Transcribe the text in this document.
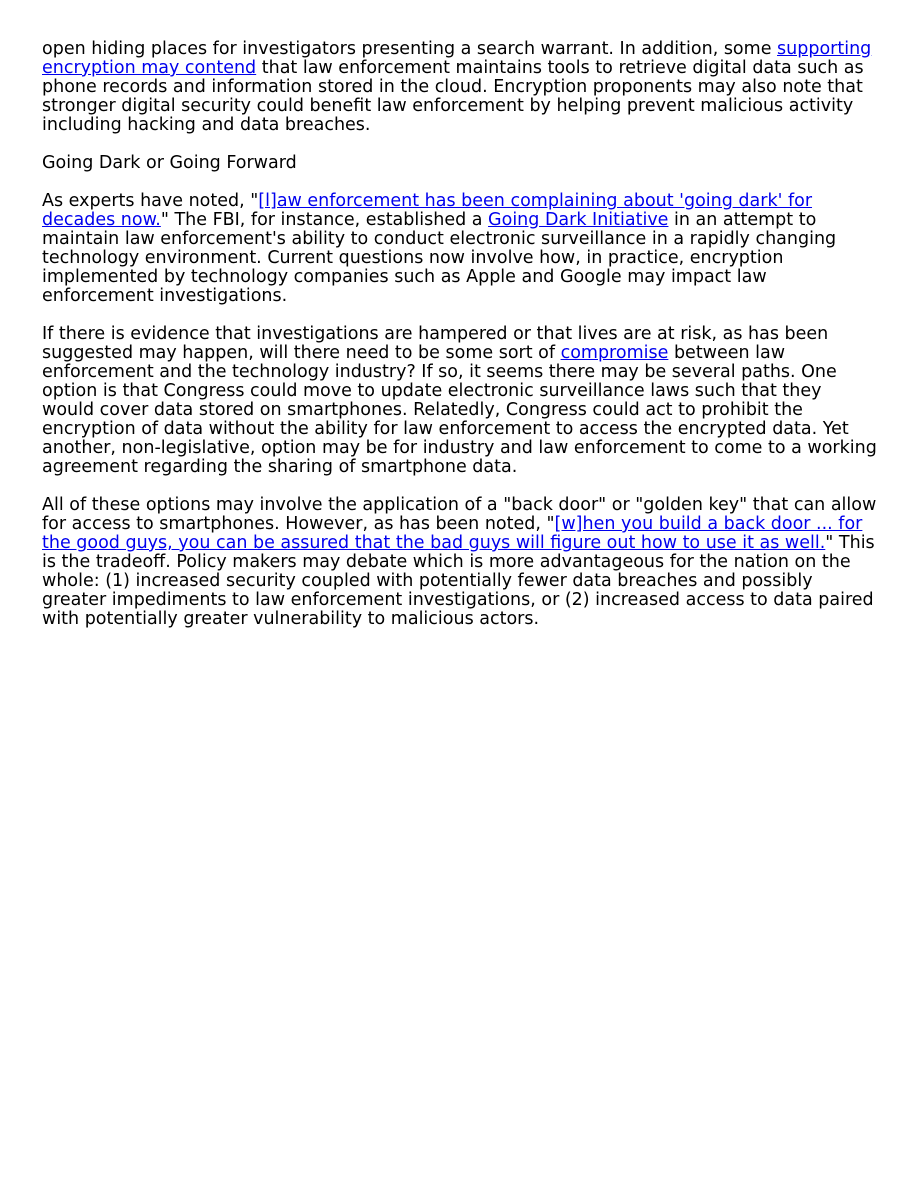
open hiding places for investigators presenting a search warrant. In addition, some supporting encryption may contend that law enforcement maintains tools to retrieve digital data such as phone records and information stored in the cloud. Encryption proponents may also note that stronger digital security could benefit law enforcement by helping prevent malicious activity including hacking and data breaches.

Going Dark or Going Forward

As experts have noted, "[l]aw enforcement has been complaining about 'going dark' for decades now." The FBI, for instance, established a Going Dark Initiative in an attempt to maintain law enforcement's ability to conduct electronic surveillance in a rapidly changing technology environment. Current questions now involve how, in practice, encryption implemented by technology companies such as Apple and Google may impact law enforcement investigations.

If there is evidence that investigations are hampered or that lives are at risk, as has been suggested may happen, will there need to be some sort of compromise between law enforcement and the technology industry? If so, it seems there may be several paths. One option is that Congress could move to update electronic surveillance laws such that they would cover data stored on smartphones. Relatedly, Congress could act to prohibit the encryption of data without the ability for law enforcement to access the encrypted data. Yet another, non-legislative, option may be for industry and law enforcement to come to a working agreement regarding the sharing of smartphone data.

All of these options may involve the application of a "back door" or "golden key" that can allow for access to smartphones. However, as has been noted, "[w]hen you build a back door ... for the good guys, you can be assured that the bad guys will figure out how to use it as well." This is the tradeoff. Policy makers may debate which is more advantageous for the nation on the whole: (1) increased security coupled with potentially fewer data breaches and possibly greater impediments to law enforcement investigations, or (2) increased access to data paired with potentially greater vulnerability to malicious actors.
